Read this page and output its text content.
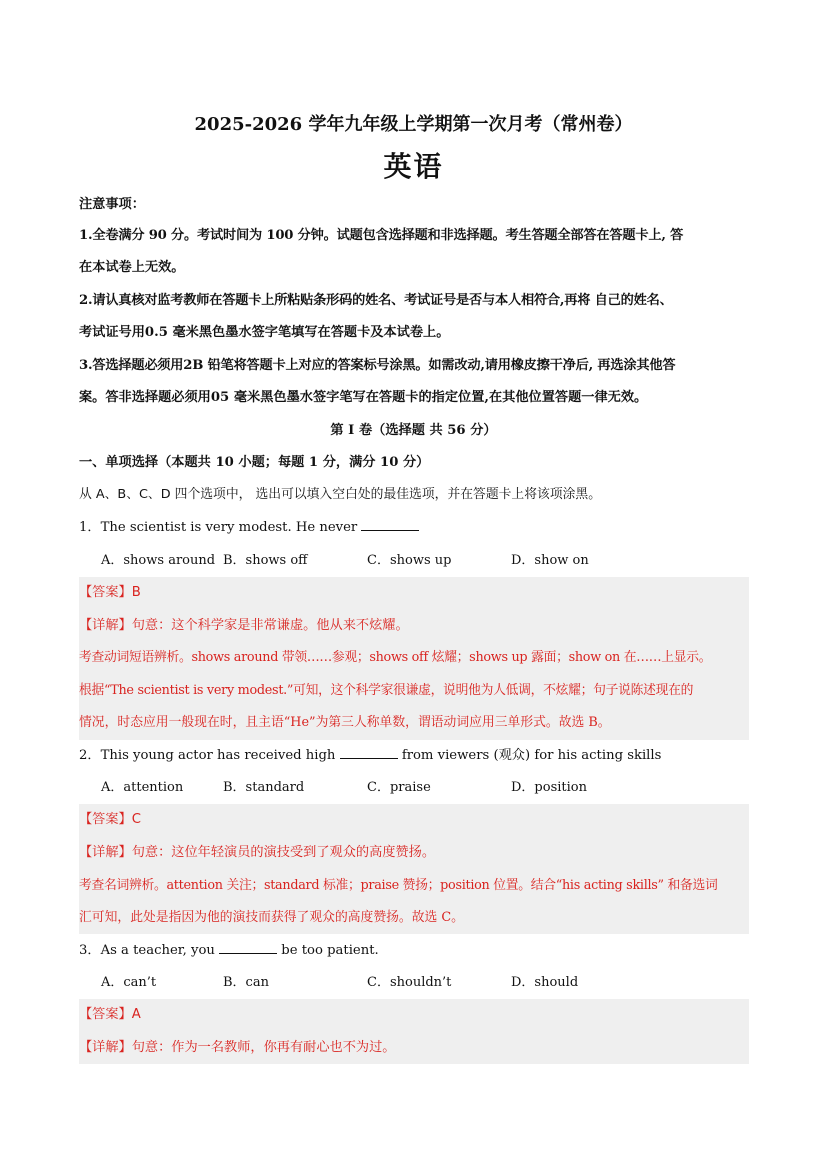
2025-2026 学年九年级上学期第一次月考（常州卷）
英语
注意事项：
1.全卷满分 90 分。考试时间为 100 分钟。试题包含选择题和非选择题。考生答题全部答在答题卡上, 答
在本试卷上无效。
2.请认真核对监考教师在答题卡上所粘贴条形码的姓名、考试证号是否与本人相符合,再将 自己的姓名、
考试证号用0.5 毫米黑色墨水签字笔填写在答题卡及本试卷上。
3.答选择题必须用2B 铅笔将答题卡上对应的答案标号涂黑。如需改动,请用橡皮擦干净后, 再选涂其他答
案。答非选择题必须用05 毫米黑色墨水签字笔写在答题卡的指定位置,在其他位置答题一律无效。
第 I 卷（选择题 共 56 分）
一、单项选择（本题共 10 小题；每题 1 分，满分 10 分）
从 A、B、C、D 四个选项中， 选出可以填入空白处的最佳选项，并在答题卡上将该项涂黑。
1．The scientist is very modest. He never
A．shows around B．shows off	C．shows up	D．show on
【答案】B
【详解】句意：这个科学家是非常谦虚。他从来不炫耀。
考查动词短语辨析。shows around 带领……参观；shows off 炫耀；shows up 露面；show on 在……上显示。
根据“The scientist is very modest.”可知，这个科学家很谦虚，说明他为人低调，不炫耀；句子说陈述现在的
情况，时态应用一般现在时，且主语“He”为第三人称单数，谓语动词应用三单形式。故选 B。
2．This young actor has received high	from viewers (观众) for his acting skills
A．attention	B．standard	C．praise	D．position
【答案】C
【详解】句意：这位年轻演员的演技受到了观众的高度赞扬。
考查名词辨析。attention 关注；standard 标准；praise 赞扬；position 位置。结合“his acting skills” 和备选词
汇可知，此处是指因为他的演技而获得了观众的高度赞扬。故选 C。
3．As a teacher, you	be too patient.
A．can’t	B．can	C．shouldn’t	D．should
【答案】A
【详解】句意：作为一名教师，你再有耐心也不为过。
